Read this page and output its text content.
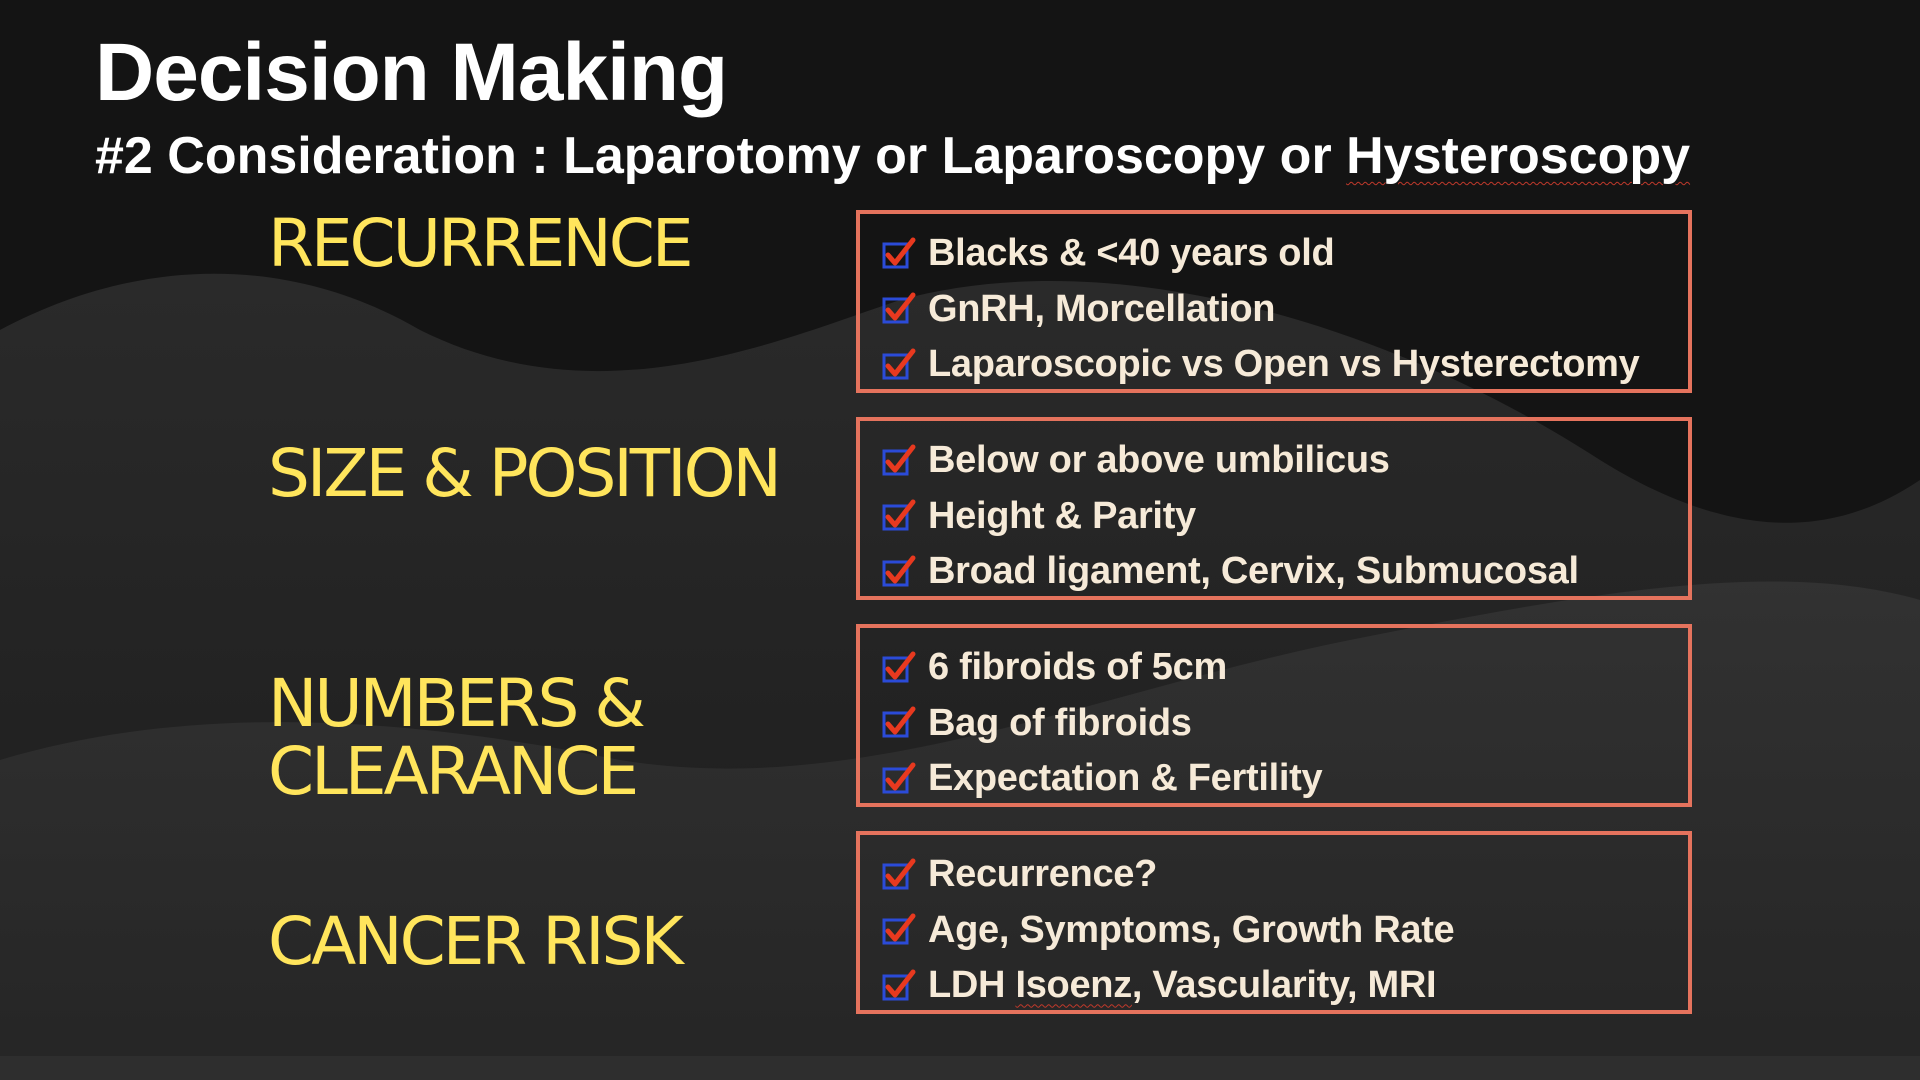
Decision Making
#2 Consideration : Laparotomy or Laparoscopy or Hysteroscopy
RECURRENCE	Blacks & <40 years old
GnRH, Morcellation
Laparoscopic vs Open vs Hysterectomy
SIZE & POSITION	Below or above umbilicus
Height & Parity
Broad ligament, Cervix, Submucosal
NUMBERS &
CLEARANCE
6 fibroids of 5cm
Bag of fibroids
Expectation & Fertility
CANCER RISK
Recurrence?
Age, Symptoms, Growth Rate
LDH Isoenz, Vascularity, MRI
